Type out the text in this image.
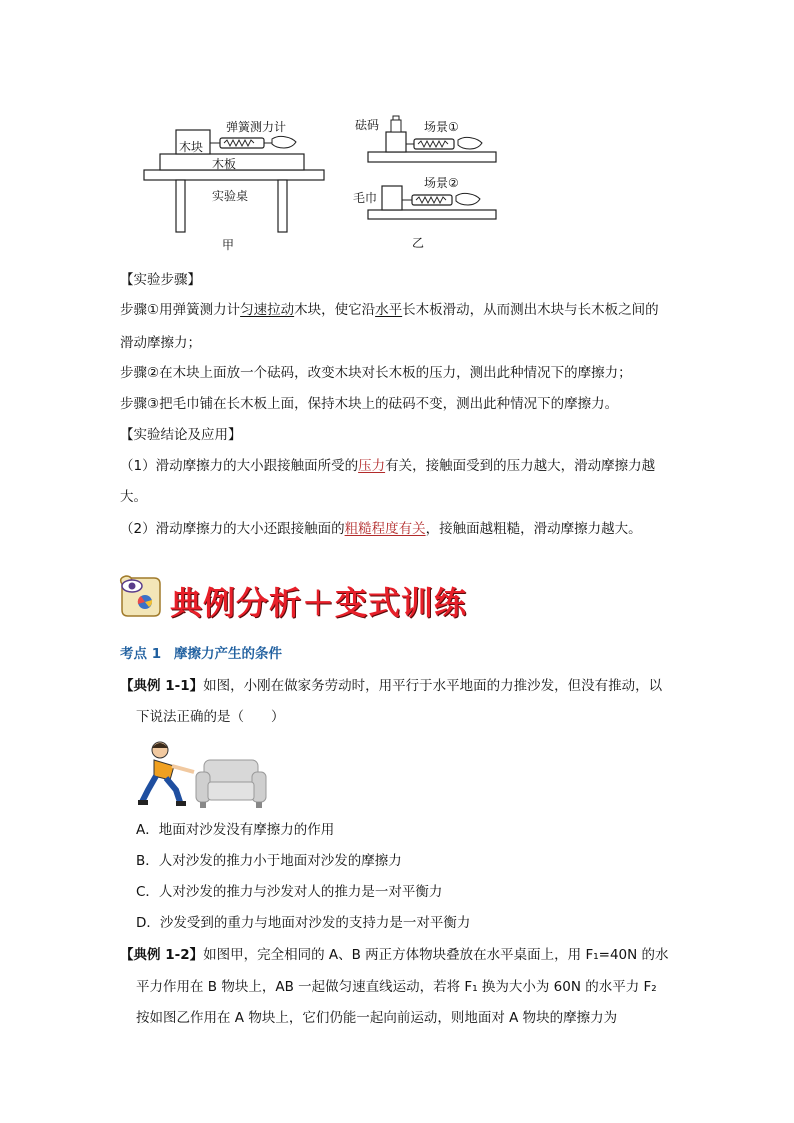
弹簧测力计
木块
木板
实验桌
甲
砝码	场景①
毛巾
场景②
乙
【实验步骤】
步骤①用弹簧测力计匀速拉动木块，使它沿水平长木板滑动，从而测出木块与长木板之间的
滑动摩擦力；
步骤②在木块上面放一个砝码，改变木块对长木板的压力，测出此种情况下的摩擦力；
步骤③把毛巾铺在长木板上面，保持木块上的砝码不变，测出此种情况下的摩擦力。
【实验结论及应用】
（1）滑动摩擦力的大小跟接触面所受的压力有关，接触面受到的压力越大，滑动摩擦力越
大。
（2）滑动摩擦力的大小还跟接触面的粗糙程度有关，接触面越粗糙，滑动摩擦力越大。
典例分析＋变式训练
考点 1 摩擦力产生的条件
【典例 1-1】如图，小刚在做家务劳动时，用平行于水平地面的力推沙发，但没有推动，以
下说法正确的是（　　）
A．地面对沙发没有摩擦力的作用
B．人对沙发的推力小于地面对沙发的摩擦力
C．人对沙发的推力与沙发对人的推力是一对平衡力
D．沙发受到的重力与地面对沙发的支持力是一对平衡力
【典例 1-2】如图甲，完全相同的 A、B 两正方体物块叠放在水平桌面上，用 F₁=40N 的水
平力作用在 B 物块上，AB 一起做匀速直线运动，若将 F₁ 换为大小为 60N 的水平力 F₂
按如图乙作用在 A 物块上，它们仍能一起向前运动，则地面对 A 物块的摩擦力为
